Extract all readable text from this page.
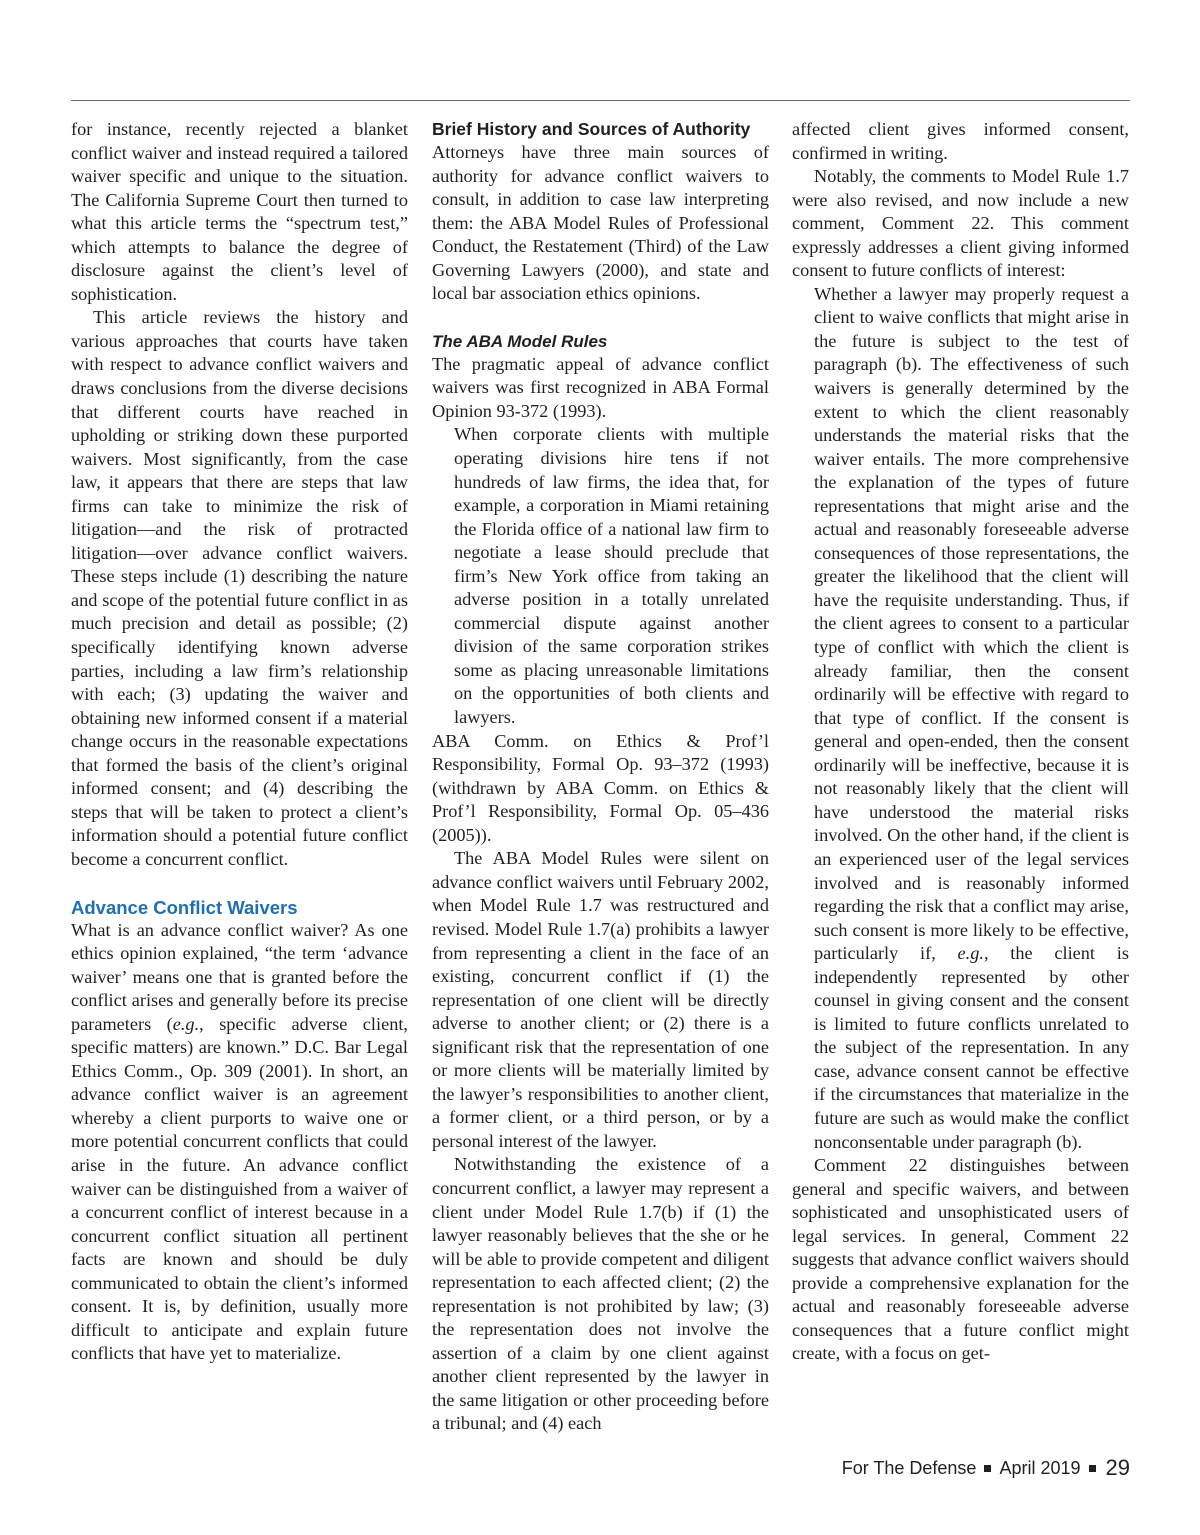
for instance, recently rejected a blanket conflict waiver and instead required a tailored waiver specific and unique to the situation. The California Supreme Court then turned to what this article terms the “spectrum test,” which attempts to balance the degree of disclosure against the client’s level of sophistication.

This article reviews the history and various approaches that courts have taken with respect to advance conflict waivers and draws conclusions from the diverse decisions that different courts have reached in upholding or striking down these purported waivers. Most significantly, from the case law, it appears that there are steps that law firms can take to minimize the risk of litigation—and the risk of protracted litigation—over advance conflict waivers. These steps include (1) describing the nature and scope of the potential future conflict in as much precision and detail as possible; (2) specifically identifying known adverse parties, including a law firm’s relationship with each; (3) updating the waiver and obtaining new informed consent if a material change occurs in the reasonable expectations that formed the basis of the client’s original informed consent; and (4) describing the steps that will be taken to protect a client’s information should a potential future conflict become a concurrent conflict.

Advance Conflict Waivers

What is an advance conflict waiver? As one ethics opinion explained, “the term ‘advance waiver’ means one that is granted before the conflict arises and generally before its precise parameters (e.g., specific adverse client, specific matters) are known.” D.C. Bar Legal Ethics Comm., Op. 309 (2001). In short, an advance conflict waiver is an agreement whereby a client purports to waive one or more potential concurrent conflicts that could arise in the future. An advance conflict waiver can be distinguished from a waiver of a concurrent conflict of interest because in a concurrent conflict situation all pertinent facts are known and should be duly communicated to obtain the client’s informed consent. It is, by definition, usually more difficult to anticipate and explain future conflicts that have yet to materialize.

Brief History and Sources of Authority

Attorneys have three main sources of authority for advance conflict waivers to consult, in addition to case law interpreting them: the ABA Model Rules of Professional Conduct, the Restatement (Third) of the Law Governing Lawyers (2000), and state and local bar association ethics opinions.

The ABA Model Rules

The pragmatic appeal of advance conflict waivers was first recognized in ABA Formal Opinion 93-372 (1993).

When corporate clients with multiple operating divisions hire tens if not hundreds of law firms, the idea that, for example, a corporation in Miami retaining the Florida office of a national law firm to negotiate a lease should preclude that firm’s New York office from taking an adverse position in a totally unrelated commercial dispute against another division of the same corporation strikes some as placing unreasonable limitations on the opportunities of both clients and lawyers.

ABA Comm. on Ethics & Prof’l Responsibility, Formal Op. 93–372 (1993) (withdrawn by ABA Comm. on Ethics & Prof’l Responsibility, Formal Op. 05–436 (2005)).

The ABA Model Rules were silent on advance conflict waivers until February 2002, when Model Rule 1.7 was restructured and revised. Model Rule 1.7(a) prohibits a lawyer from representing a client in the face of an existing, concurrent conflict if (1) the representation of one client will be directly adverse to another client; or (2) there is a significant risk that the representation of one or more clients will be materially limited by the lawyer’s responsibilities to another client, a former client, or a third person, or by a personal interest of the lawyer.

Notwithstanding the existence of a concurrent conflict, a lawyer may represent a client under Model Rule 1.7(b) if (1) the lawyer reasonably believes that the she or he will be able to provide competent and diligent representation to each affected client; (2) the representation is not prohibited by law; (3) the representation does not involve the assertion of a claim by one client against another client represented by the lawyer in the same litigation or other proceeding before a tribunal; and (4) each

affected client gives informed consent, confirmed in writing.

Notably, the comments to Model Rule 1.7 were also revised, and now include a new comment, Comment 22. This comment expressly addresses a client giving informed consent to future conflicts of interest:

Whether a lawyer may properly request a client to waive conflicts that might arise in the future is subject to the test of paragraph (b). The effectiveness of such waivers is generally determined by the extent to which the client reasonably understands the material risks that the waiver entails. The more comprehensive the explanation of the types of future representations that might arise and the actual and reasonably foreseeable adverse consequences of those representations, the greater the likelihood that the client will have the requisite understanding. Thus, if the client agrees to consent to a particular type of conflict with which the client is already familiar, then the consent ordinarily will be effective with regard to that type of conflict. If the consent is general and open-ended, then the consent ordinarily will be ineffective, because it is not reasonably likely that the client will have understood the material risks involved. On the other hand, if the client is an experienced user of the legal services involved and is reasonably informed regarding the risk that a conflict may arise, such consent is more likely to be effective, particularly if, e.g., the client is independently represented by other counsel in giving consent and the consent is limited to future conflicts unrelated to the subject of the representation. In any case, advance consent cannot be effective if the circumstances that materialize in the future are such as would make the conflict nonconsentable under paragraph (b).

Comment 22 distinguishes between general and specific waivers, and between sophisticated and unsophisticated users of legal services. In general, Comment 22 suggests that advance conflict waivers should provide a comprehensive explanation for the actual and reasonably foreseeable adverse consequences that a future conflict might create, with a focus on get-

For The Defense April 2019 29
